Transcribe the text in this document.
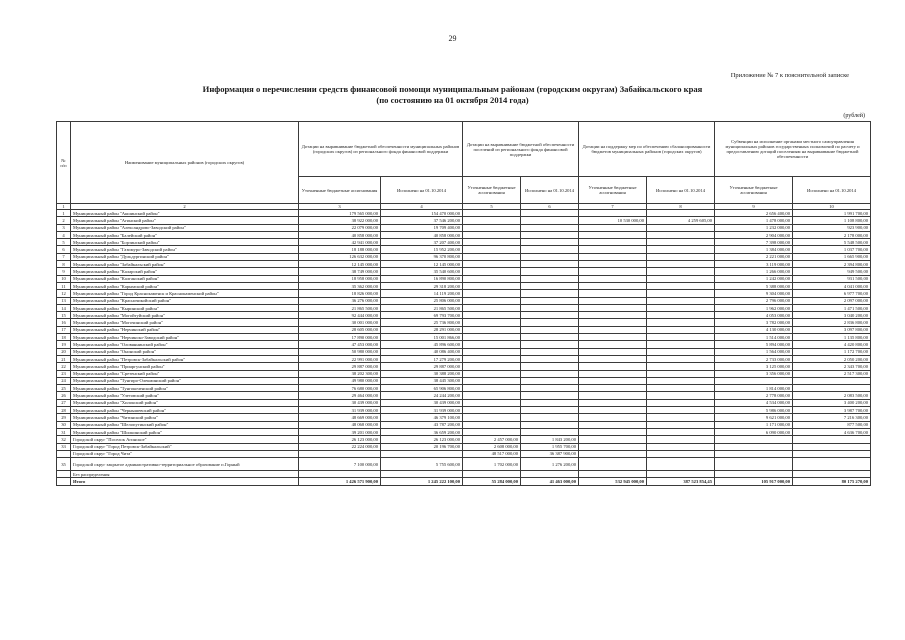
29
Приложение № 7 к пояснительной записке
Информация о перечислении средств финансовой помощи муниципальным районам (городским округам) Забайкальского края
(по состоянию на 01 октября 2014 года)
(рублей)
№ п/п	Наименование муниципальных районов (городских округов)	Дотации на выравнивание бюджетной обеспеченности муниципальных районов (городских округов) из регионального фонда финансовой поддержки		Дотации на выравнивание бюджетной обеспеченности поселений из регионального фонда финансовой поддержки		Дотации на поддержку мер по обеспечению сбалансированности бюджетов муниципальных районов (городских округов)		Субвенции на исполнение органами местного самоуправления муниципальных районов государственных полномочий по расчету и предоставлению дотаций поселениям на выравнивание бюджетной обеспеченности	
		Уточненные бюджетные ассигнования	Исполнено на 01.10.2014	Уточненные бюджетные ассигнования	Исполнено на 01.10.2014	Уточненные бюджетные ассигнования	Исполнено на 01.10.2014	Уточненные бюджетные ассигнования	Исполнено на 01.10.2014
1	2	3	4	5	6	7	8	9	10
1	Муниципальный район "Акшинский район"	179 565 000,00	154 470 000,00					2 656 400,00	1 991 700,00
2	Муниципальный район "Агинский район"	38 922 000,00	37 546 200,00			10 530 000,00	4 259 605,00	1 478 000,00	1 108 800,00
3	Муниципальный район "Александрово-Заводский район"	22 079 000,00	19 709 400,00					1 232 000,00	923 900,00
4	Муниципальный район "Балейский район"	40 858 000,00	40 858 000,00					2 904 000,00	2 178 000,00
5	Муниципальный район "Борзинский район"	42 941 000,00	37 207 400,00					7 398 000,00	5 548 500,00
6	Муниципальный район "Газимуро-Заводский район"	18 188 000,00	15 952 200,00					1 384 000,00	1 037 700,00
7	Муниципальный район "Дульдургинский район"	126 632 000,00	96 370 800,00					2 221 000,00	1 665 900,00
8	Муниципальный район "Забайкальский район"	12 145 000,00	12 145 000,00					3 119 000,00	2 394 800,00
9	Муниципальный район "Каларский район"	38 749 000,00	35 540 600,00					1 266 000,00	949 500,00
10	Муниципальный район "Калганский район"	18 958 000,00	16 890 800,00					1 242 000,00	931 500,00
11	Муниципальный район "Карымский район"	35 362 000,00	29 318 200,00					5 388 000,00	4 041 000,00
12	Муниципальный район "Город Краснокаменск и Краснокаменский район"	18 826 000,00	14 119 200,00					9 304 000,00	6 977 700,00
13	Муниципальный район "Красночикойский район"	36 276 000,00	25 806 000,00					2 796 000,00	2 097 000,00
14	Муниципальный район "Кыринский район"	21 865 500,00	21 865 500,00					1 962 000,00	1 471 500,00
15	Муниципальный район "Могойтуйский район"	92 444 000,00	69 793 700,00					4 053 000,00	3 040 200,00
16	Муниципальный район "Могочинский район"	30 001 000,00	25 736 800,00					3 782 000,00	2 836 800,00
17	Муниципальный район "Нерчинский район"	28 605 000,00	28 291 000,00					4 130 000,00	3 097 800,00
18	Муниципальный район "Нерчинско-Заводский район"	17 890 000,00	15 001 866,00					1 514 000,00	1 135 800,00
19	Муниципальный район "Оловяннинский район"	47 453 000,00	45 896 600,00					5 894 000,00	4 420 800,00
20	Муниципальный район "Ононский район"	50 980 000,00	40 086 400,00					1 564 000,00	1 172 700,00
21	Муниципальный район "Петровск-Забайкальский район"	22 991 000,00	17 279 200,00					2 733 000,00	2 050 200,00
22	Муниципальный район "Приаргунский район"	29 887 000,00	29 887 000,00					3 125 000,00	2 343 700,00
23	Муниципальный район "Сретенский район"	38 202 300,00	30 388 200,00					3 356 000,00	2 517 300,00
24	Муниципальный район "Тунгиро-Олекминский район"	49 980 000,00	38 445 300,00						
25	Муниципальный район "Тунгокоченский район"	76 680 000,00	65 906 800,00					1 814 000,00	
26	Муниципальный район "Улетовский район"	29 464 000,00	24 244 200,00					2 778 000,00	2 083 500,00
27	Муниципальный район "Хилокский район"	30 439 000,00	30 439 000,00					4 534 000,00	3 400 200,00
28	Муниципальный район "Чернышевский район"	31 939 000,00	31 939 000,00					5 986 000,00	3 987 700,00
29	Муниципальный район "Читинский район"	48 669 000,00	46 379 100,00					9 621 000,00	7 216 300,00
30	Муниципальный район "Шелопугинский район"	48 068 000,00	43 787 200,00					1 171 000,00	877 500,00
31	Муниципальный район "Шилкинский район"	39 201 000,00	36 659 200,00					6 090 000,00	4 636 700,00
32	Городской округ "Поселок Агинское"	26 123 000,00	26 123 000,00	2 457 000,00	1 843 200,00				
33	Городской округ "Город Петровск-Забайкальский"	22 224 000,00	20 196 700,00	2 608 000,00	1 955 700,00				
	Городской округ "Город Чита"			48 517 000,00	36 387 900,00				
35	Городской округ закрытое административно-территориальное образование п.Горный	7 100 000,00	5 755 600,00	1 702 000,00	1 276 200,00				
	Без распределения								
	Итого	1 426 571 900,00	1 245 222 100,00	55 284 000,00	41 463 000,00	532 945 000,00	387 523 854,45	105 917 000,00	80 175 270,00
